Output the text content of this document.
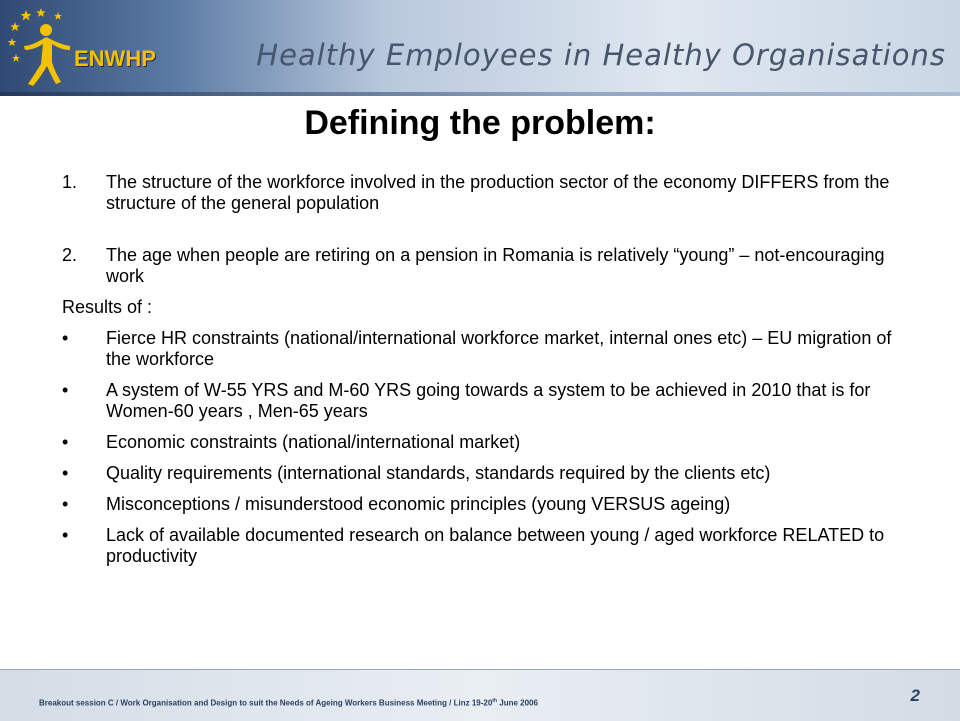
ENWHP	Healthy Employees in Healthy Organisations
Defining the problem:
1. The structure of the workforce involved in the production sector of the economy DIFFERS from the structure of the general population
2. The age when people are retiring on a pension in Romania is relatively “young” – not-encouraging work
Results of :
• Fierce HR constraints (national/international workforce market, internal ones etc) – EU migration of the workforce
• A system of W-55 YRS and M-60 YRS going towards a system to be achieved in 2010 that is for Women-60 years , Men-65 years
• Economic constraints (national/international market)
• Quality requirements (international standards, standards required by the clients etc)
• Misconceptions / misunderstood economic principles (young VERSUS ageing)
• Lack of available documented research on balance between young / aged workforce RELATED to productivity
Breakout session C / Work Organisation and Design to suit the Needs of Ageing Workers Business Meeting / Linz 19-20th June 2006	2
